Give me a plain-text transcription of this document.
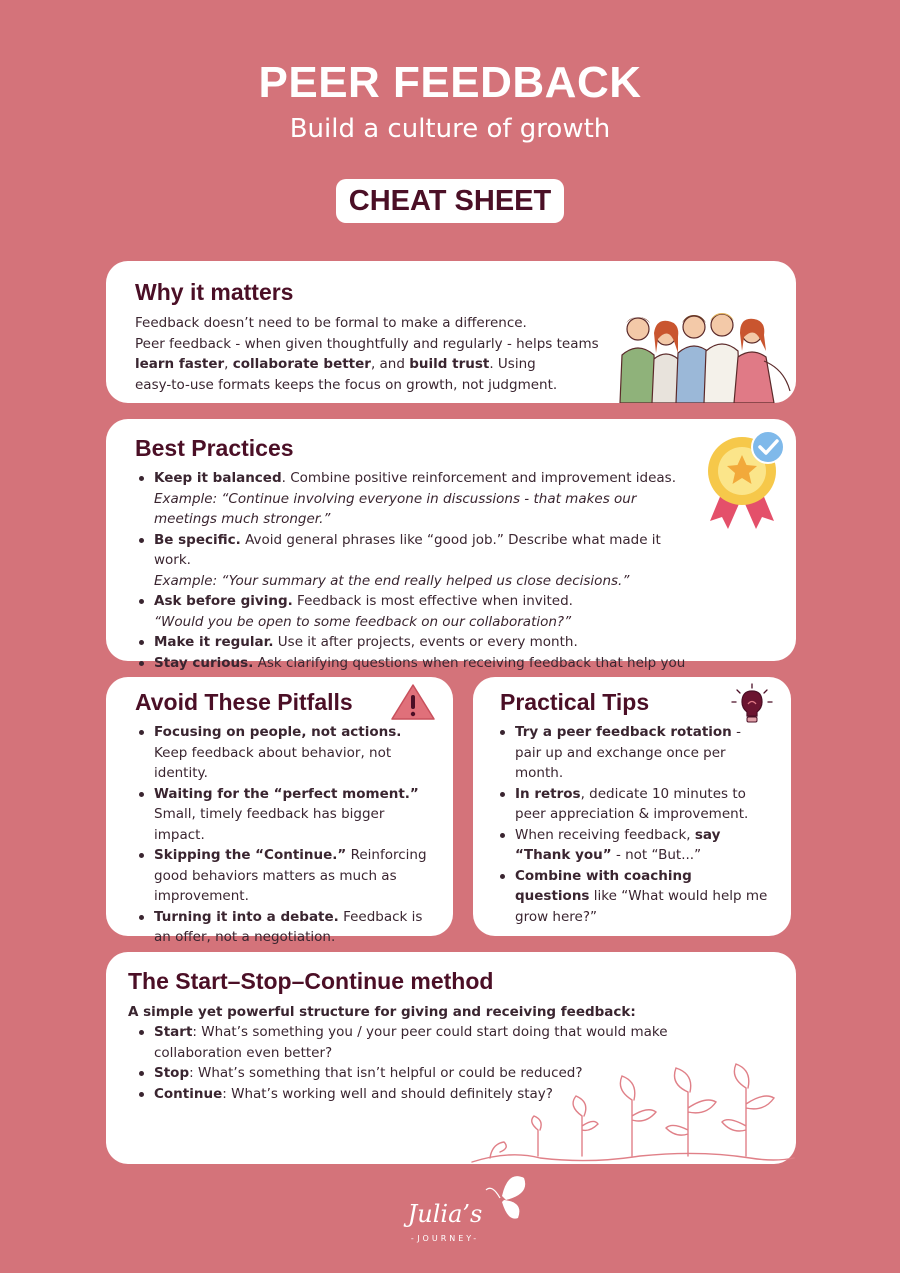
PEER FEEDBACK
Build a culture of growth
CHEAT SHEET
Why it matters
Feedback doesn’t need to be formal to make a difference.
Peer feedback - when given thoughtfully and regularly - helps teams
learn faster, collaborate better, and build trust. Using
easy-to-use formats keeps the focus on growth, not judgment.
Best Practices
Keep it balanced. Combine positive reinforcement and improvement ideas.
Example: “Continue involving everyone in discussions - that makes our meetings much stronger.”
Be specific. Avoid general phrases like “good job.” Describe what made it work.
Example: “Your summary at the end really helped us close decisions.”
Ask before giving. Feedback is most effective when invited.
“Would you be open to some feedback on our collaboration?”
Make it regular. Use it after projects, events or every month.
Stay curious. Ask clarifying questions when receiving feedback that help you
Avoid These Pitfalls
Focusing on people, not actions. Keep feedback about behavior, not identity.
Waiting for the “perfect moment.” Small, timely feedback has bigger impact.
Skipping the “Continue.” Reinforcing good behaviors matters as much as improvement.
Turning it into a debate. Feedback is an offer, not a negotiation.
Practical Tips
Try a peer feedback rotation - pair up and exchange once per month.
In retros, dedicate 10 minutes to peer appreciation & improvement.
When receiving feedback, say “Thank you” - not “But...”
Combine with coaching questions like “What would help me grow here?”
The Start–Stop–Continue method
A simple yet powerful structure for giving and receiving feedback:
Start: What’s something you / your peer could start doing that would make collaboration even better?
Stop: What’s something that isn’t helpful or could be reduced?
Continue: What’s working well and should definitely stay?
Julia’s
-JOURNEY-
